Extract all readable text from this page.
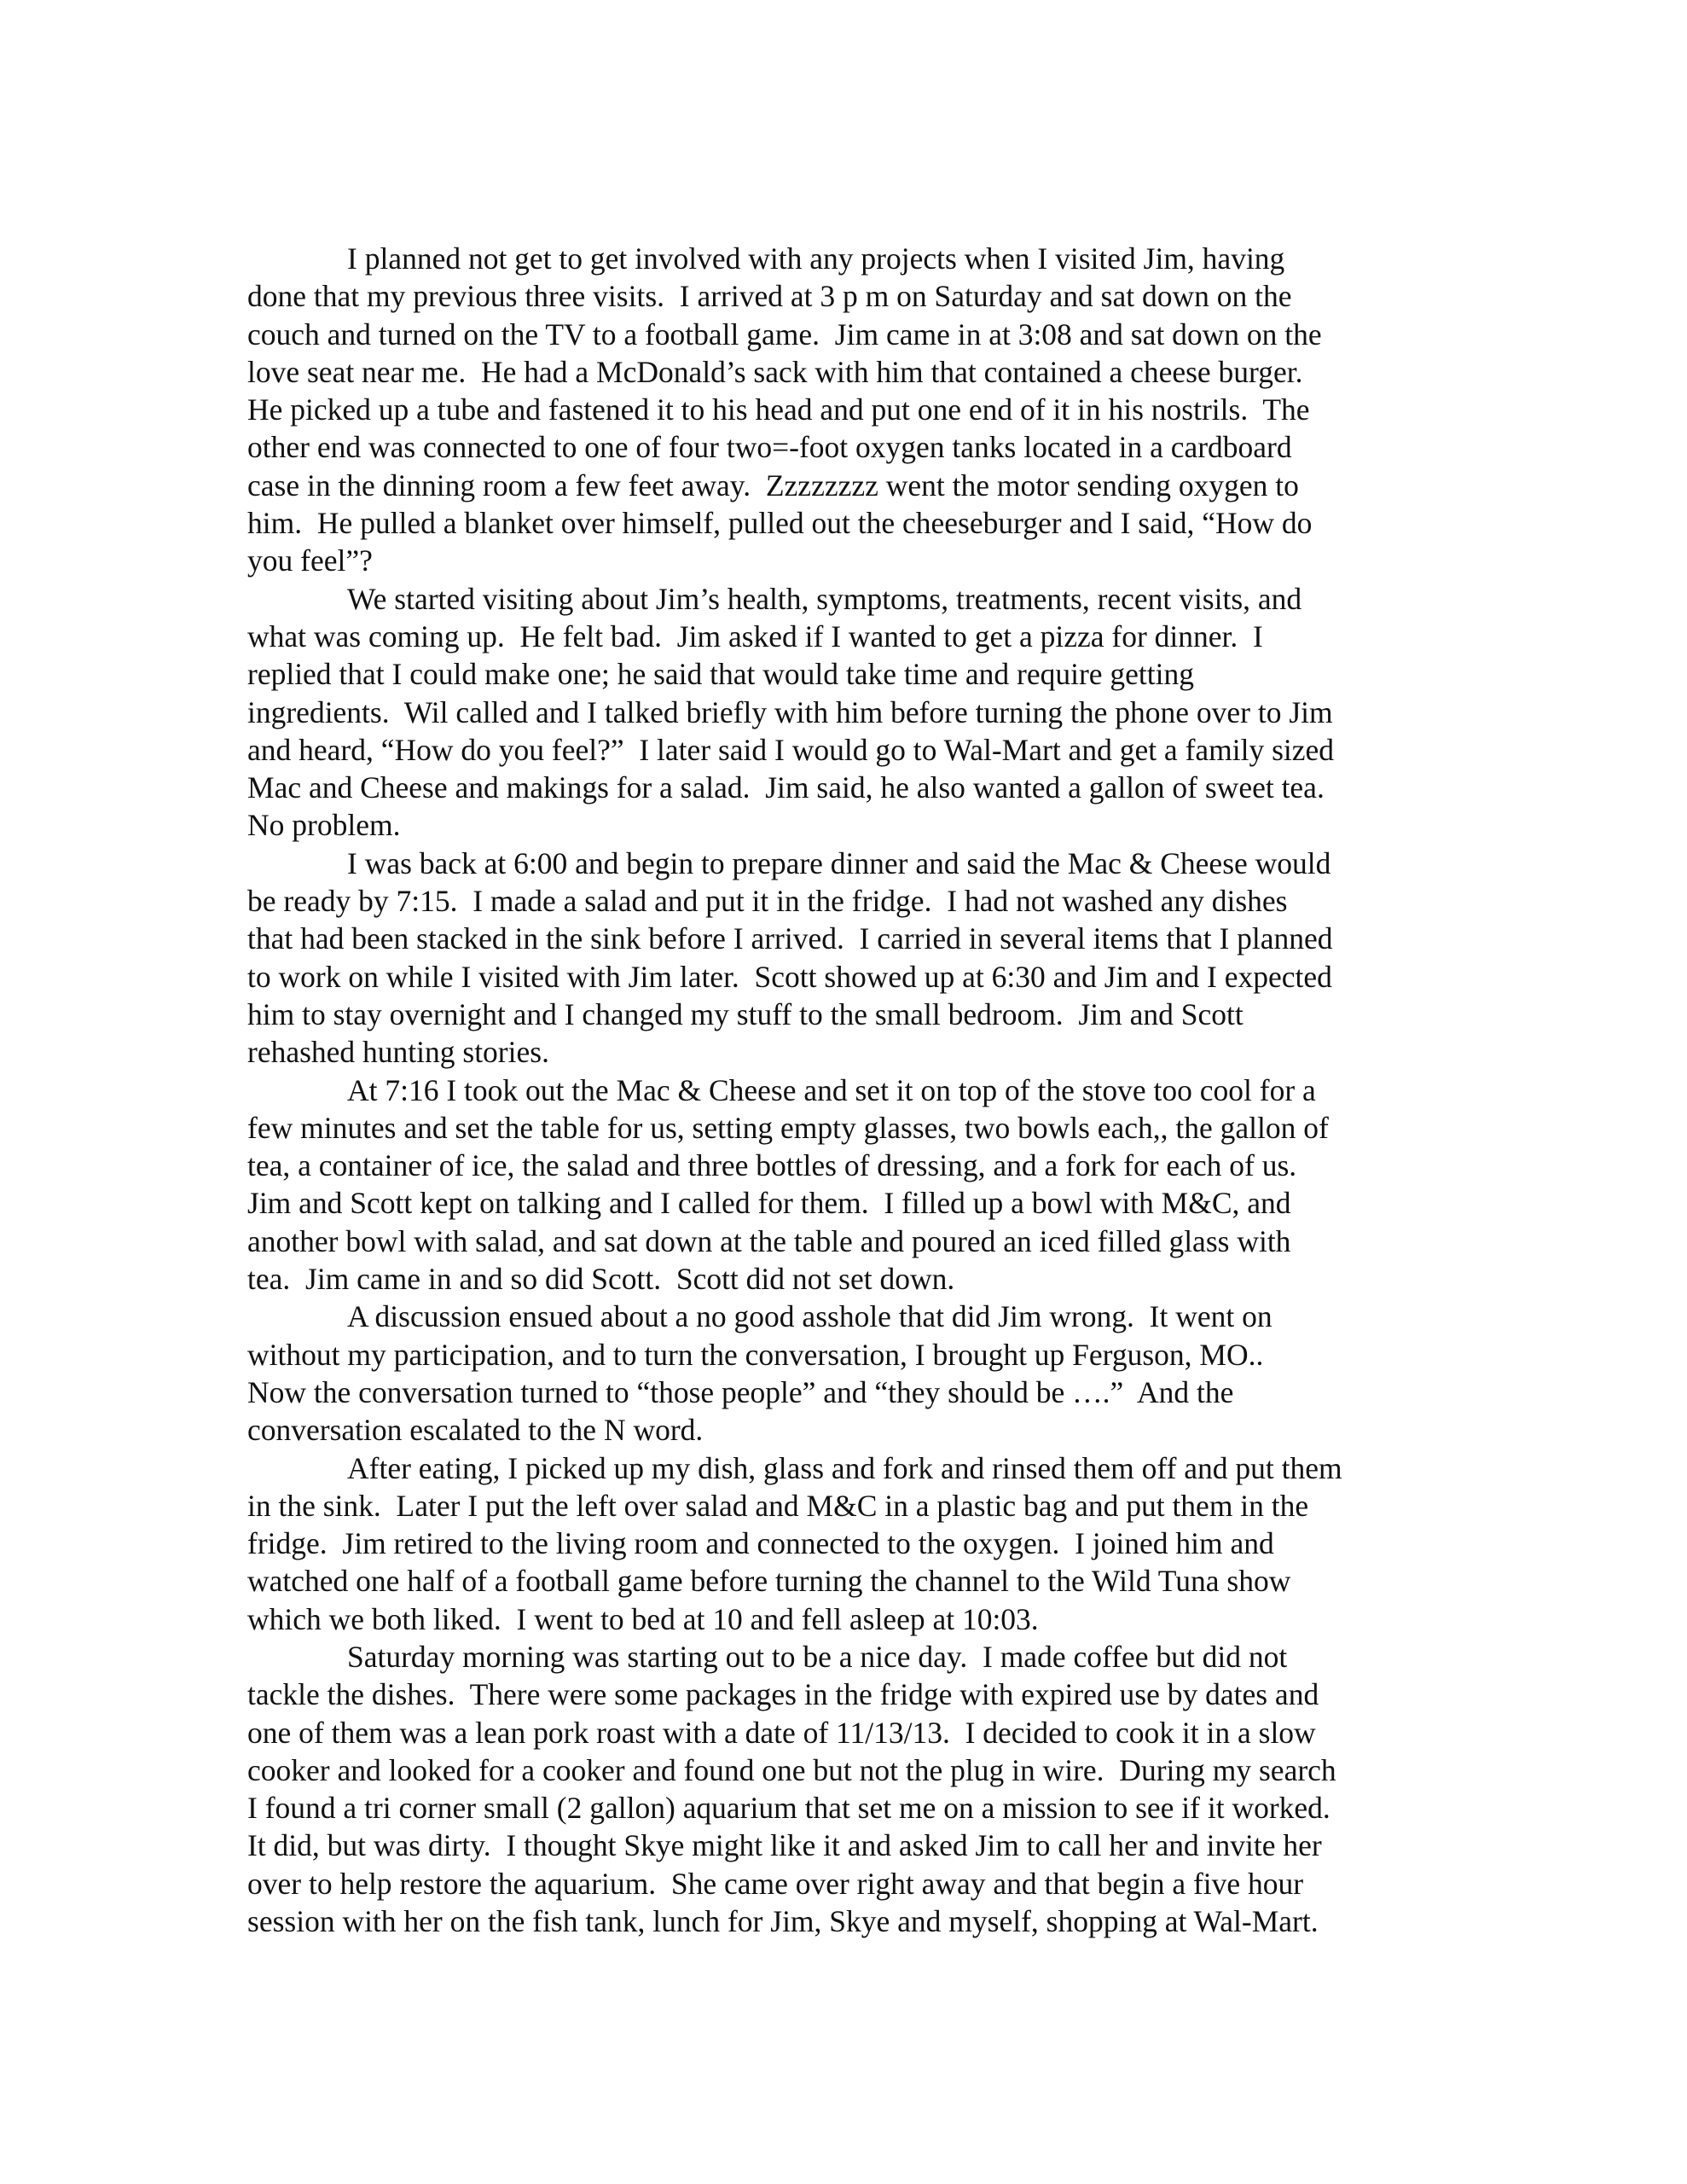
I planned not get to get involved with any projects when I visited Jim, having
done that my previous three visits.  I arrived at 3 p m on Saturday and sat down on the
couch and turned on the TV to a football game.  Jim came in at 3:08 and sat down on the
love seat near me.  He had a McDonald’s sack with him that contained a cheese burger.
He picked up a tube and fastened it to his head and put one end of it in his nostrils.  The
other end was connected to one of four two=-foot oxygen tanks located in a cardboard
case in the dinning room a few feet away.  Zzzzzzzz went the motor sending oxygen to
him.  He pulled a blanket over himself, pulled out the cheeseburger and I said, “How do
you feel”?
We started visiting about Jim’s health, symptoms, treatments, recent visits, and
what was coming up.  He felt bad.  Jim asked if I wanted to get a pizza for dinner.  I
replied that I could make one; he said that would take time and require getting
ingredients.  Wil called and I talked briefly with him before turning the phone over to Jim
and heard, “How do you feel?”  I later said I would go to Wal-Mart and get a family sized
Mac and Cheese and makings for a salad.  Jim said, he also wanted a gallon of sweet tea.
No problem.
I was back at 6:00 and begin to prepare dinner and said the Mac & Cheese would
be ready by 7:15.  I made a salad and put it in the fridge.  I had not washed any dishes
that had been stacked in the sink before I arrived.  I carried in several items that I planned
to work on while I visited with Jim later.  Scott showed up at 6:30 and Jim and I expected
him to stay overnight and I changed my stuff to the small bedroom.  Jim and Scott
rehashed hunting stories.
At 7:16 I took out the Mac & Cheese and set it on top of the stove too cool for a
few minutes and set the table for us, setting empty glasses, two bowls each,, the gallon of
tea, a container of ice, the salad and three bottles of dressing, and a fork for each of us.
Jim and Scott kept on talking and I called for them.  I filled up a bowl with M&C, and
another bowl with salad, and sat down at the table and poured an iced filled glass with
tea.  Jim came in and so did Scott.  Scott did not set down.
A discussion ensued about a no good asshole that did Jim wrong.  It went on
without my participation, and to turn the conversation, I brought up Ferguson, MO..
Now the conversation turned to “those people” and “they should be ….”  And the
conversation escalated to the N word.
After eating, I picked up my dish, glass and fork and rinsed them off and put them
in the sink.  Later I put the left over salad and M&C in a plastic bag and put them in the
fridge.  Jim retired to the living room and connected to the oxygen.  I joined him and
watched one half of a football game before turning the channel to the Wild Tuna show
which we both liked.  I went to bed at 10 and fell asleep at 10:03.
Saturday morning was starting out to be a nice day.  I made coffee but did not
tackle the dishes.  There were some packages in the fridge with expired use by dates and
one of them was a lean pork roast with a date of 11/13/13.  I decided to cook it in a slow
cooker and looked for a cooker and found one but not the plug in wire.  During my search
I found a tri corner small (2 gallon) aquarium that set me on a mission to see if it worked.
It did, but was dirty.  I thought Skye might like it and asked Jim to call her and invite her
over to help restore the aquarium.  She came over right away and that begin a five hour
session with her on the fish tank, lunch for Jim, Skye and myself, shopping at Wal-Mart.
